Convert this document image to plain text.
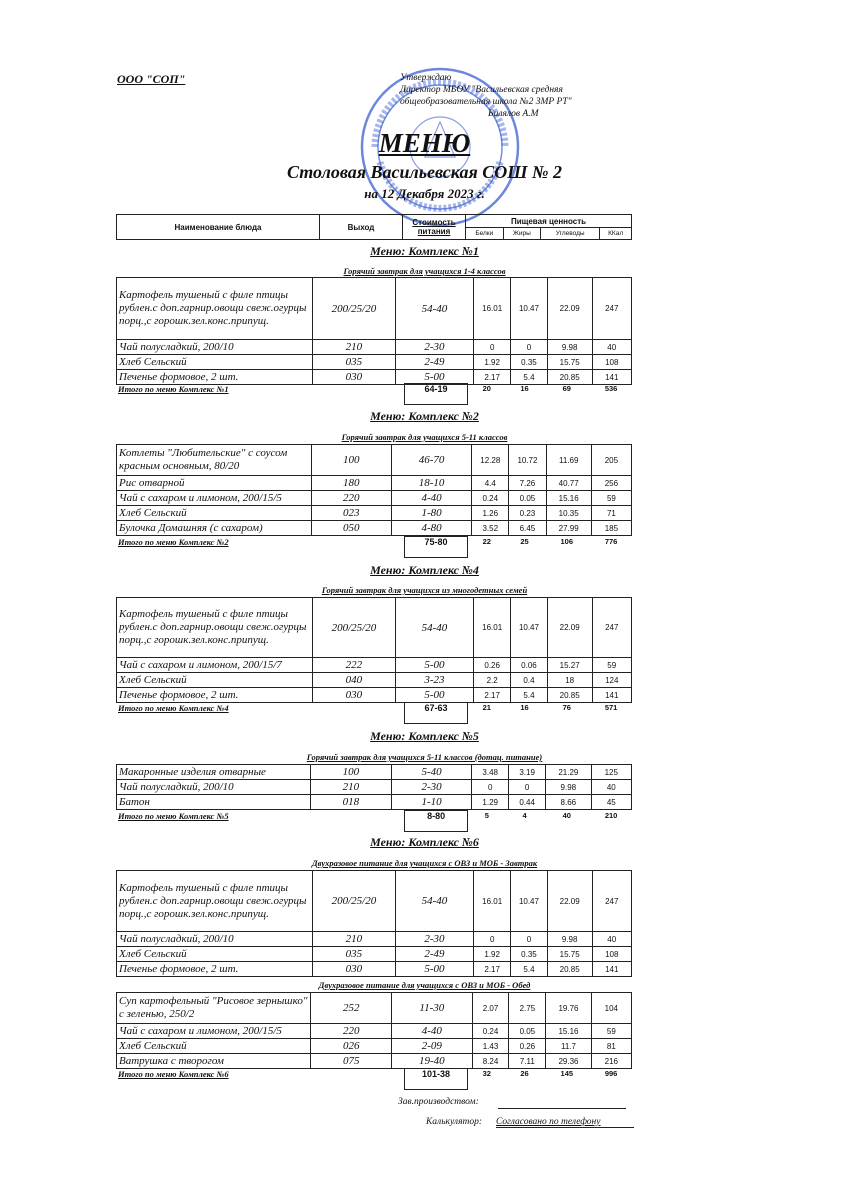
ООО "СОП"	Утверждаю
Директор МБОУ "Васильевская средняя
общеобразовательная школа №2 ЗМР РТ"
Билялов А.М
МЕНЮ
Столовая Васильевская СОШ № 2
на 12 Декабря 2023 г.
Наименование блюда	Выход	Стоимость питания	Пищевая ценность			
			Белки	Жиры	Углеводы	ККал
Меню: Комплекс №1
Горячий завтрак для учащихся 1-4 классов
Картофель тушеный с филе птицы рублен.с доп.гарнир.овощи свеж.огурцы порц.,с горошк.зел.конс.припущ.	200/25/20	54-40	16.01	10.47	22.09	247
Чай полусладкий, 200/10	210	2-30	0	0	9.98	40
Хлеб Сельский	035	2-49	1.92	0.35	15.75	108
Печенье формовое, 2 шт.	030	5-00	2.17	5.4	20.85	141
Итого по меню Комплекс №1	64-19	20	16	69	536
Меню: Комплекс №2
Горячий завтрак для учащихся 5-11 классов
Котлеты "Любительские" с соусом красным основным, 80/20	100	46-70	12.28	10.72	11.69	205
Рис отварной	180	18-10	4.4	7.26	40.77	256
Чай с сахаром и лимоном, 200/15/5	220	4-40	0.24	0.05	15.16	59
Хлеб Сельский	023	1-80	1.26	0.23	10.35	71
Булочка Домашняя (с сахаром)	050	4-80	3.52	6.45	27.99	185
Итого по меню Комплекс №2	75-80	22	25	106	776
Меню: Комплекс №4
Горячий завтрак для учащихся из многодетных семей
Картофель тушеный с филе птицы рублен.с доп.гарнир.овощи свеж.огурцы порц.,с горошк.зел.конс.припущ.	200/25/20	54-40	16.01	10.47	22.09	247
Чай с сахаром и лимоном, 200/15/7	222	5-00	0.26	0.06	15.27	59
Хлеб Сельский	040	3-23	2.2	0.4	18	124
Печенье формовое, 2 шт.	030	5-00	2.17	5.4	20.85	141
Итого по меню Комплекс №4	67-63	21	16	76	571
Меню: Комплекс №5
Горячий завтрак для учащихся 5-11 классов (дотац. питание)
Макаронные изделия отварные	100	5-40	3.48	3.19	21.29	125
Чай полусладкий, 200/10	210	2-30	0	0	9.98	40
Батон	018	1-10	1.29	0.44	8.66	45
Итого по меню Комплекс №5	8-80	5	4	40	210
Меню: Комплекс №6
Двухразовое питание для учащихся с ОВЗ и МОБ - Завтрак
Картофель тушеный с филе птицы рублен.с доп.гарнир.овощи свеж.огурцы порц.,с горошк.зел.конс.припущ.	200/25/20	54-40	16.01	10.47	22.09	247
Чай полусладкий, 200/10	210	2-30	0	0	9.98	40
Хлеб Сельский	035	2-49	1.92	0.35	15.75	108
Печенье формовое, 2 шт.	030	5-00	2.17	5.4	20.85	141
Двухразовое питание для учащихся с ОВЗ и МОБ - Обед
Суп картофельный "Рисовое зернышко" с зеленью, 250/2	252	11-30	2.07	2.75	19.76	104
Чай с сахаром и лимоном, 200/15/5	220	4-40	0.24	0.05	15.16	59
Хлеб Сельский	026	2-09	1.43	0.26	11.7	81
Ватрушка с творогом	075	19-40	8.24	7.11	29.36	216
Итого по меню Комплекс №6	101-38	32	26	145	996
Зав.производством:
Калькулятор: Согласовано по телефону
